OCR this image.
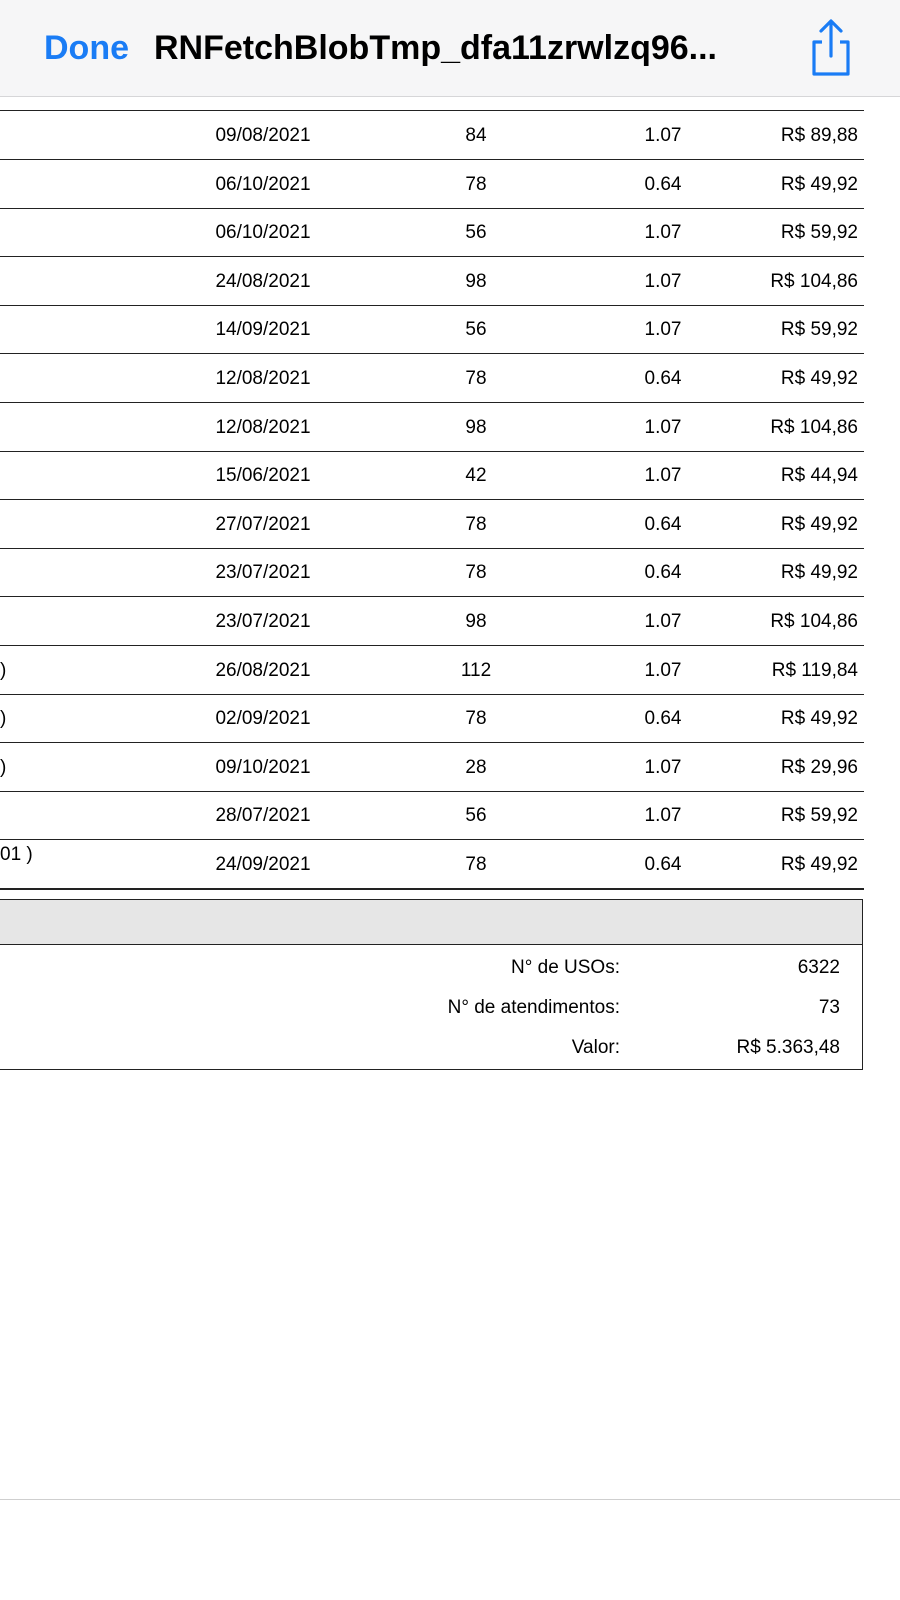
Done RNFetchBlobTmp_dfa11zrwlzq96...
09/08/2021	84	1.07	R$ 89,88
06/10/2021	78	0.64	R$ 49,92
06/10/2021	56	1.07	R$ 59,92
24/08/2021	98	1.07	R$ 104,86
14/09/2021	56	1.07	R$ 59,92
12/08/2021	78	0.64	R$ 49,92
12/08/2021	98	1.07	R$ 104,86
15/06/2021	42	1.07	R$ 44,94
27/07/2021	78	0.64	R$ 49,92
23/07/2021	78	0.64	R$ 49,92
23/07/2021	98	1.07	R$ 104,86
)	26/08/2021	112	1.07	R$ 119,84
)	02/09/2021	78	0.64	R$ 49,92
)	09/10/2021	28	1.07	R$ 29,96
28/07/2021	56	1.07	R$ 59,92
01 )	24/09/2021	78	0.64	R$ 49,92
N° de USOs:	6322
N° de atendimentos:	73
Valor:	R$ 5.363,48
